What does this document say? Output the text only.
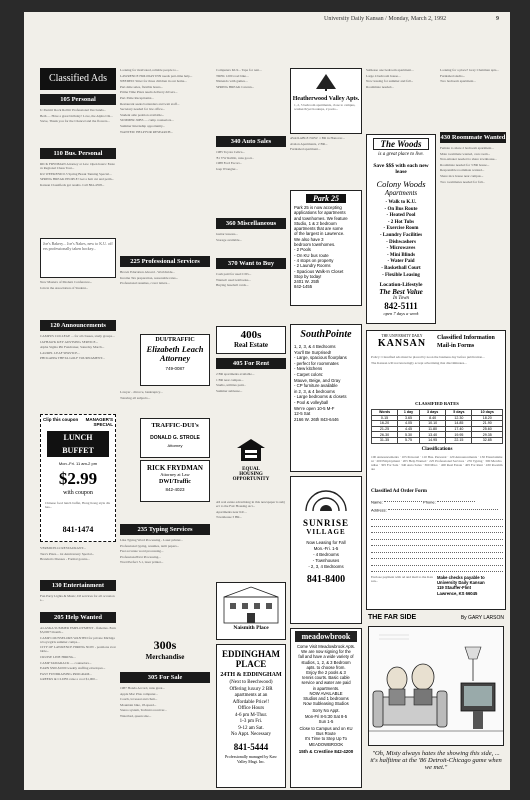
University Daily Kansan / Monday, March 2, 1992	9
Classified Ads
105 Personal

U-Turnin' Rock Rollin' Professional live bands...

Beth — Have a great birthday! Love, the Alpha Chi...

Steve, Thank you for the Chancel and the flowers...

110 Bus. Personal

RICK FRYDMAN Attorney at Law. Open hours: Eastern Regional Chess Tour...

KU WEEKEND 0.5 Spring Break Tanning Special...

SPRING BREAK PEOPLE! Get a hair cut and perm...

Kansan Classifieds get results. Call 864-4358...

Joe's Bakery... Joe's Nakes, new to K.U. offers professionally taken hockey...

New Masters of Modern Conference...

Join in the Association of Student...

120 Announcements

CAMPUS COLLEGE ... for all classes, study groups...

JAYHAWK KEY ADVISING SERVICE...

Alpha Sigma Phi Fundraiser, Saturday March...

LAUREL LEAF SERVICE...

PHI KAPPA THETA GOLF TOURNAMENT...

Clip this coupon	MANAGER'S SPECIAL
LUNCH BUFFET
Mon.-Fri. 11 am-2 pm
$2.99
with coupon
Chinese food lunch buffet, Hong Kong style dishes...
841-1474

VERMICELLI RESTAURANT...

Tara's Pizza... 1st Anniversary Special...

Brandon's Dresses - Formal gowns...

130 Entertainment

Fun Party Lights & Music, DJ services for all occasions...

205 Help Wanted

ALASKA SUMMER EMPLOYMENT - fisheries. Earn $5,000+/month...

CAMP COUNSELORS WANTED for private Michigan boys/girls summer camps...

CITY OF LAWRENCE HIRING NOW - positions available...

CRUISE LINE HIRING...

CAMP TAMARACK — counselors...

EARN $500-$1000 weekly stuffing envelopes...

FAST FUNDRAISING PROGRAM...

GREEKS & CLUBS raise a cool $1,000...

Looking for motivated, reliable people to...

LAWRENCE HOLIDAY INN needs part-time help...

NEEDED: Sitter for three children in our home...

Part-time sales, flexible hours...

Prime Time Pizza needs delivery drivers...

Part-Time Receptionist...

Restaurant seeks bartenders and wait staff...

Secretary needed for law office...

Student aide position available...

SUMMER JOBS — camp counselors...

Summer Internship opportunity...

WANTED: HELP FOR RESEARCH...

225 Professional Services

Brown Education Aboard - Worldwide...

Income Tax preparation, reasonable rates...

Professional resumes, cover letters...

DUI/TRAFFIC
Elizabeth Leach Attorney
749-0087

Lawyer - divorce, bankruptcy...

Tutoring all subjects...

TRAFFIC-DUI's
DONALD G. STROLE
Attorney
RICK FRYDMAN
Attorney at Law
DWI/Traffic
842-4023
235 Typing Services

Like Typing Word Processing - Laser printer...

Professional typing, resumes, term papers...

Fast accurate word processing...

ProfessionalText Processing...

Word Perfect 5.1, laser printer...

300s
Merchandise
305 For Sale

1987 Honda Accord, runs great...

Apple Mac Plus computer...

Couch, loveseat and chair...

Mountain bike, 18-speed...

Stereo system, Technics receiver...

Waterbed, queen size...

Computers KU2... Tape for rent...

TREK 1200 road bike...

Nintendo with games...

SPRING BREAK Cancun...

340 Auto Sales

1985 Toyota Celica...

'81 VW Rabbit, runs good...

1988 Ford Escort...

Jeep Wrangler...

360 Miscellaneous

Guitar lessons...

Storage available...

370 Want to Buy

Cash paid for used CD's...

Wanted: used textbooks...

Buying baseball cards...

400s
Real Estate
405 For Rent

2 BR apartments available...

1 BR near campus...

Studio, utilities paid...

Summer sublease...

EQUAL
HOUSING
OPPORTUNITY

All real estate advertising in this newspaper is subject to the Fair Housing Act...

Apartments near KU...

Townhouse 3 BR...

Naismith Place
EDDINGHAM PLACE
24TH & EDDINGHAM
(Next to Beechwood)
Offering luxury 2 BR
apartments at an
Affordable Price!!
Office Hours
4-6 pm M-Thur.
1-3 pm Fri.
9-12 am Sat.
No Appt. Necessary
841-5444
Professionally managed by Kaw Valley Mngt. Inc.
Heatherwood Valley Apts.
1, 2, 3 bedroom apartments, close to campus, washer/dryer hookups, 2 pools...

AVAILABLE NOW: 1 BR in Hanover...

Avalon Apartments, 2 BR...

Furnished apartment...

Park 25
Park 25 is now accepting
applications for apartments
and townhomes. We feature
Studio, 1 & 2 bedroom
apartments that are some
of the largest in Lawrence.
We also have 3
bedroom townhomes.
- 2 Pools
- On KU bus route
- 4 stops on property
- 2 Laundry Rooms
- Spacious Walk-In Closet
Stop by today!
2401 W. 25th
842-1455
SouthPointe
1, 2, 3, & 4 Bedrooms
You'll Be Surprised!
- Large, spacious floorplans
- perfect for roommates
- New kitchens
- Carpet colors:
Mauve, Beige, and Gray
- CP furniture available
in 2, 3, & 4 bedrooms
- Large bedrooms & closets
- Pool & volleyball
We're open 10-5 M-F
12-5 Sat
2166 W. 26th 843-6446
SUNRISE
VILLAGE
Now Leasing for Fall
Mon.-Fri. 1-5
- 4 Bedrooms
- Townhouses
- 2, 3, 4 Bedrooms
841-8400
meadowbrook
Come Visit Meadowbrook Apts.
We are now signing for the
fall and have a wide variety of
studios, 1, 2, & 3 Bedroom
apts. to choose from.
Enjoy the 2 pools & 3
tennis courts. Basic cable
service and water are paid
in apartments.
NOW AVAILABLE
Studios and 1 bedrooms
Now Subleasing Studios
Sorry No Appt.
Mon-Fri 8-5:30 Sat 8-5
Sun 1-5
Close to Campus and on KU
Bus Route
It's Time to Step Up To
MEADOWBROOK
15th & Crestline 842-4200

Sublease one bedroom apartment...

Large 4 bedroom house...

Now leasing for summer and fall...

Roommate needed...

The Woods
is a great place to live.
Save $$$ with each new lease
Colony Woods
Apartments
- Walk to K.U.
- On Bus Route
- Heated Pool
- 2 Hot Tubs
- Exercise Room
- Laundry Facilities
- Dishwashers
- Microwaves
- Mini Blinds
- Water Paid
- Basketball Court
- Flexible Leasing
Location-Lifestyle
The Best Value
In Town
842-5111
open 7 days a week

Looking for a place? Gray Chairmen apts...

Furnished studio...

Two bedroom apartment...

430 Roommate Wanted

Female to share 2 bedroom apartment...

Male roommate wanted, own room...

Non-smoker needed to share townhouse...

Roommate needed for 3 BR house...

Responsible roommate wanted...

Share nice house near campus...

Two roommates needed for fall...

THE UNIVERSITY DAILY
KANSAN	Classified Information
Mail-in Forms

Policy: Classified ads must be placed by noon the business day before publication...

The Kansan will not knowingly accept advertising that discriminates...

CLASSIFIED RATES
Words	1 day	3 days	5 days	10 days
0-15	3.65	8.40	12.30	18.20
16-20	4.05	10.10	14.85	21.90
21-25	4.45	11.80	17.40	25.60
26-30	5.30	13.40	19.95	29.35
31-35	5.75	14.95	22.15	32.85
Classifications

100 Announcements · 105 Personal · 110 Bus. Personal · 120 Announcements · 130 Entertainment · 200 Employment · 205 Help Wanted · 225 Professional Services · 235 Typing · 300 Merchandise · 305 For Sale · 340 Auto Sales · 360 Misc. · 400 Real Estate · 405 For Rent · 430 Roommate

Classified Ad Order Form
Name:	Phone:
Address:
Make checks payable to
University Daily Kansan
119 Stauffer-Flint
Lawrence, KS 66045

Enclose payment with ad and mail to the Kansan...

THE FAR SIDE	By GARY LARSON
"Oh, Misty always hates the showing this side, ... it's halftime at the '86 Detroit-Chicago game when we met."
